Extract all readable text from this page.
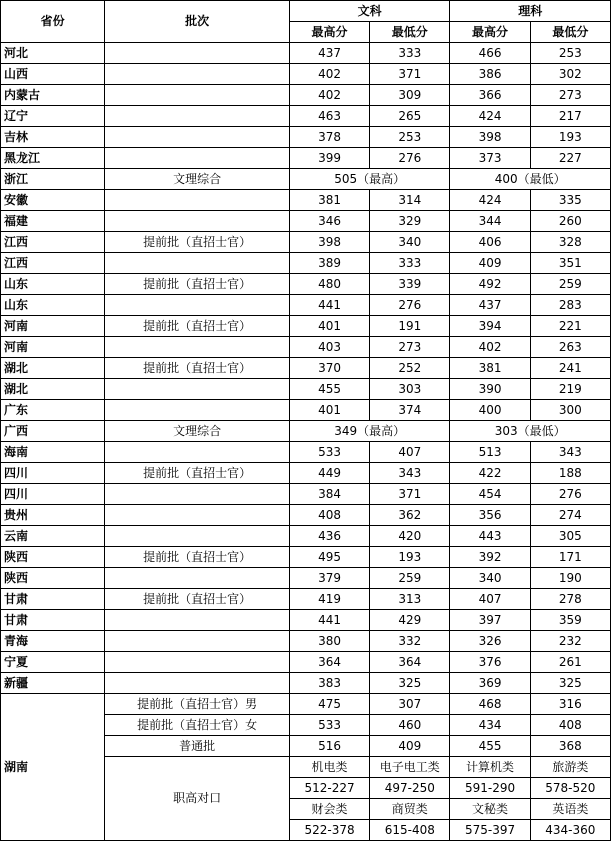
省份	批次	文科		理科	
		最高分	最低分	最高分	最低分
河北		437	333	466	253
山西		402	371	386	302
内蒙古		402	309	366	273
辽宁		463	265	424	217
吉林		378	253	398	193
黑龙江		399	276	373	227
浙江	文理综合	505（最高）		400（最低）	
安徽		381	314	424	335
福建		346	329	344	260
江西	提前批（直招士官）	398	340	406	328
江西		389	333	409	351
山东	提前批（直招士官）	480	339	492	259
山东		441	276	437	283
河南	提前批（直招士官）	401	191	394	221
河南		403	273	402	263
湖北	提前批（直招士官）	370	252	381	241
湖北		455	303	390	219
广东		401	374	400	300
广西	文理综合	349（最高）		303（最低）	
海南		533	407	513	343
四川	提前批（直招士官）	449	343	422	188
四川		384	371	454	276
贵州		408	362	356	274
云南		436	420	443	305
陕西	提前批（直招士官）	495	193	392	171
陕西		379	259	340	190
甘肃	提前批（直招士官）	419	313	407	278
甘肃		441	429	397	359
青海		380	332	326	232
宁夏		364	364	376	261
新疆		383	325	369	325
湖南	提前批（直招士官）男	475	307	468	316
	提前批（直招士官）女	533	460	434	408
	普通批	516	409	455	368
	职高对口	机电类	电子电工类	计算机类	旅游类
		512-227	497-250	591-290	578-520
		财会类	商贸类	文秘类	英语类
		522-378	615-408	575-397	434-360
